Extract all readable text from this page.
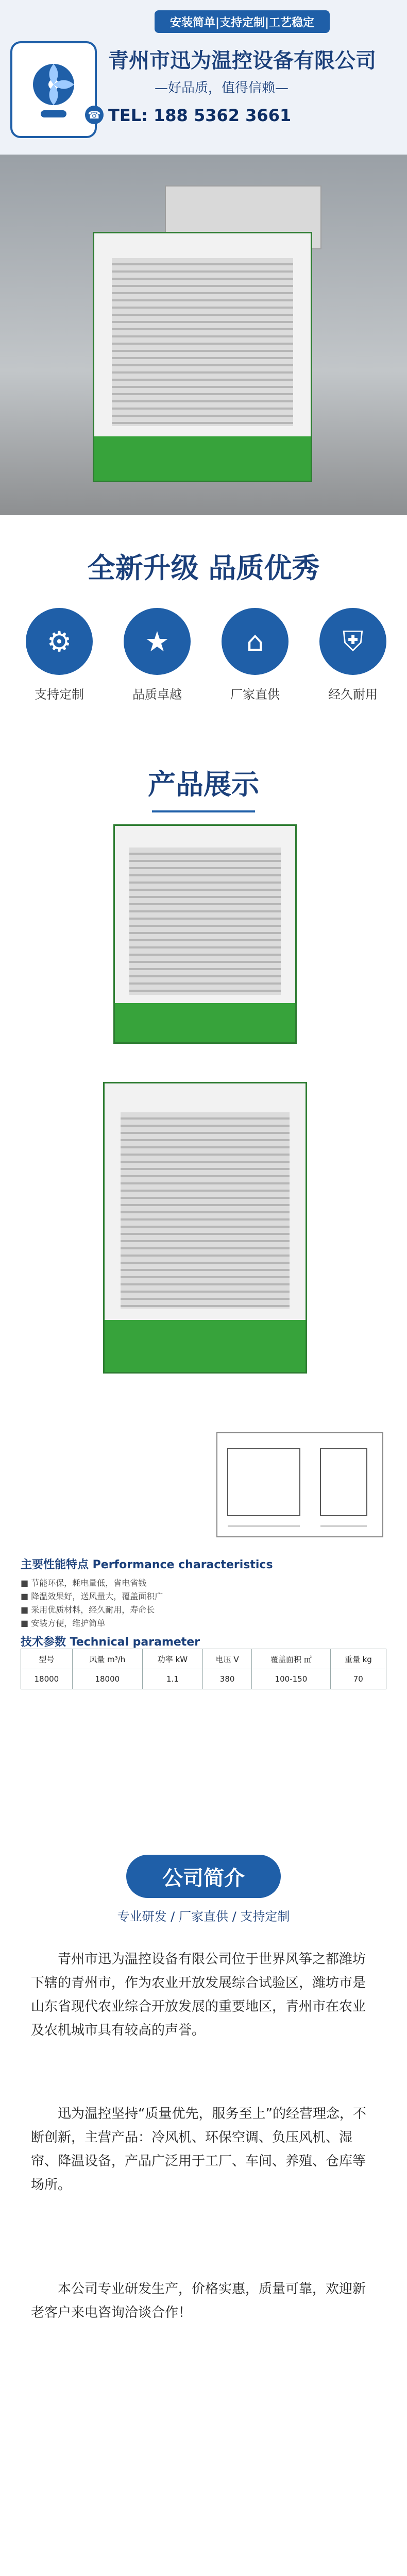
安装简单|支持定制|工艺稳定
青州市迅为温控设备有限公司
—好品质，值得信赖—
☎ TEL: 188 5362 3661
全新升级 品质优秀
⚙
支持定制
★
品质卓越
⌂
厂家直供
⛨
经久耐用
产品展示
主要性能特点 Performance characteristics
■ 节能环保，耗电量低，省电省钱
■ 降温效果好，送风量大，覆盖面积广
■ 采用优质材料，经久耐用，寿命长
■ 安装方便，维护简单
技术参数 Technical parameter
型号	风量 m³/h	功率 kW	电压 V	覆盖面积 ㎡	重量 kg
18000	18000	1.1	380	100-150	70
公司简介
专业研发 / 厂家直供 / 支持定制
青州市迅为温控设备有限公司位于世界风筝之都潍坊下辖的青州市，作为农业开放发展综合试验区，潍坊市是山东省现代农业综合开放发展的重要地区，青州市在农业及农机城市具有较高的声誉。
迅为温控坚持“质量优先，服务至上”的经营理念，不断创新，主营产品：冷风机、环保空调、负压风机、湿帘、降温设备，产品广泛用于工厂、车间、养殖、仓库等场所。
本公司专业研发生产，价格实惠，质量可靠，欢迎新老客户来电咨询洽谈合作！
